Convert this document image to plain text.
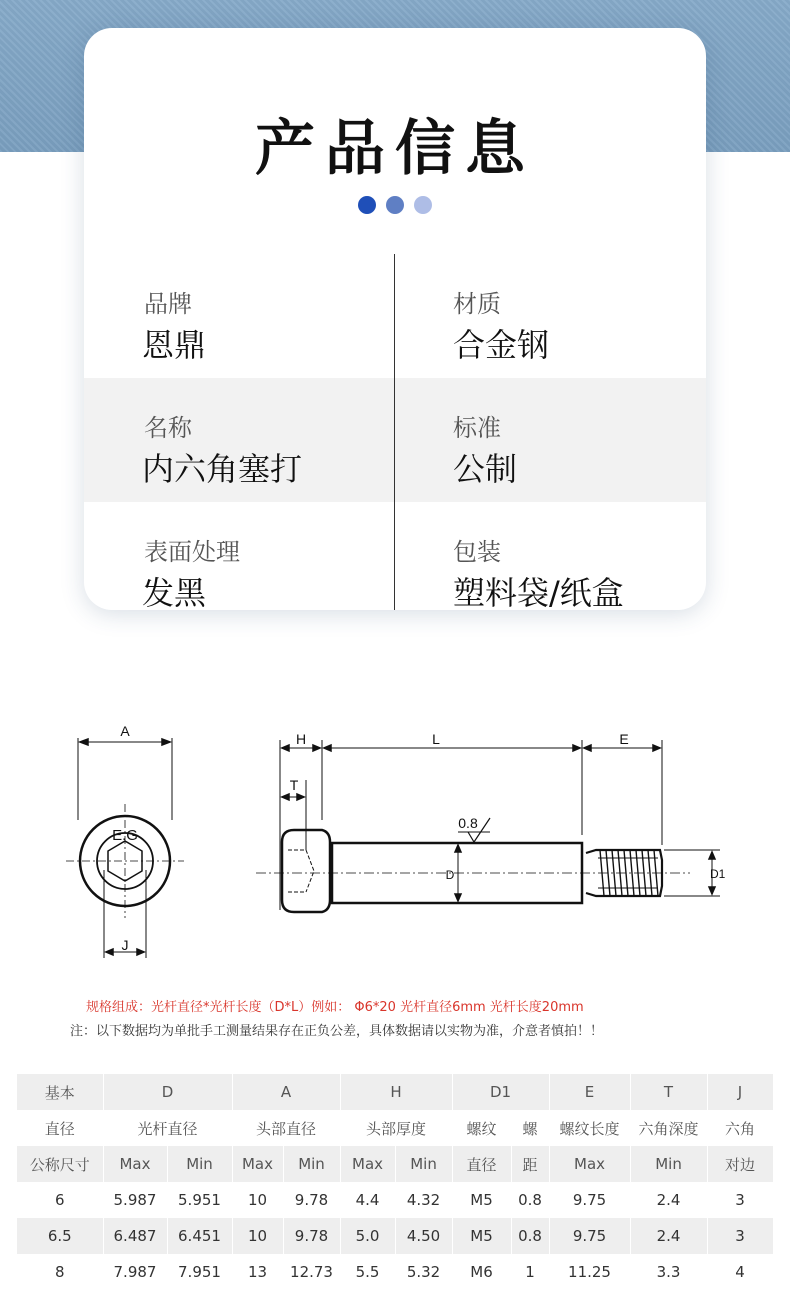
产品信息
品牌
恩鼎
材质
合金钢
名称
内六角塞打
标准
公制
表面处理
发黑
包装
塑料袋/纸盒
A
E.G
J
H	L	E
T
0.8
D	D1
规格组成：光杆直径*光杆长度（D*L）例如： Φ6*20 光杆直径6mm 光杆长度20mm
注：以下数据均为单批手工测量结果存在正负公差，具体数据请以实物为准，介意者慎拍！！
基本	D		A		H		D1		E	T	J
直径	光杆直径		头部直径		头部厚度		螺纹	螺	螺纹长度	六角深度	六角
公称尺寸	Max	Min	Max	Min	Max	Min	直径	距	Max	Min	对边
6	5.987	5.951	10	9.78	4.4	4.32	M5	0.8	9.75	2.4	3
6.5	6.487	6.451	10	9.78	5.0	4.50	M5	0.8	9.75	2.4	3
8	7.987	7.951	13	12.73	5.5	5.32	M6	1	11.25	3.3	4
